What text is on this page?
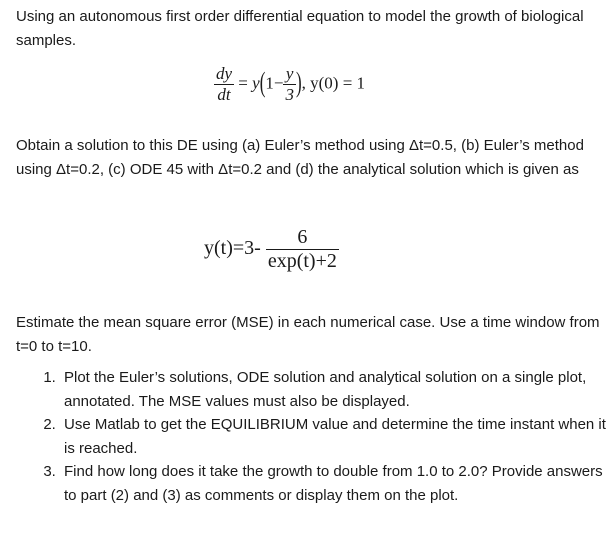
Using an autonomous first order differential equation to model the growth of biological samples.

$\frac{dy}{dt} = y(1- \frac{y}{3}$ ), y(0) = 1

Obtain a solution to this DE using (a) Euler’s method using Δt=0.5, (b) Euler’s method using Δt=0.2, (c) ODE 45 with Δt=0.2 and (d) the analytical solution which is given as

$y(t)=3- \frac{6}{\exp(t)+2}$

Estimate the mean square error (MSE) in each numerical case. Use a time window from t=0 to t=10.

1. Plot the Euler’s solutions, ODE solution and analytical solution on a single plot, annotated. The MSE values must also be displayed.
2. Use Matlab to get the EQUILIBRIUM value and determine the time instant when it is reached.
3. Find how long does it take the growth to double from 1.0 to 2.0? Provide answers to part (2) and (3) as comments or display them on the plot.
